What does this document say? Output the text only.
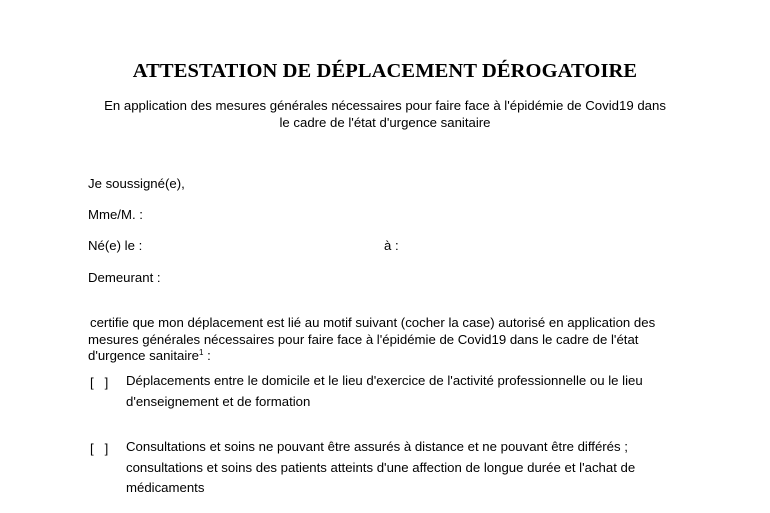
ATTESTATION DE DÉPLACEMENT DÉROGATOIRE
En application des mesures générales nécessaires pour faire face à l'épidémie de Covid19 dans
le cadre de l'état d'urgence sanitaire
Je soussigné(e),
Mme/M. :
Né(e) le :	à :
Demeurant :
certifie que mon déplacement est lié au motif suivant (cocher la case) autorisé en application des
mesures générales nécessaires pour faire face à l'épidémie de Covid19 dans le cadre de l'état
d'urgence sanitaire$^1$ :
[   ] Déplacements entre le domicile et le lieu d'exercice de l'activité professionnelle ou le lieu
d'enseignement et de formation
[   ] Consultations et soins ne pouvant être assurés à distance et ne pouvant être différés ;
consultations et soins des patients atteints d'une affection de longue durée et l'achat de
médicaments
